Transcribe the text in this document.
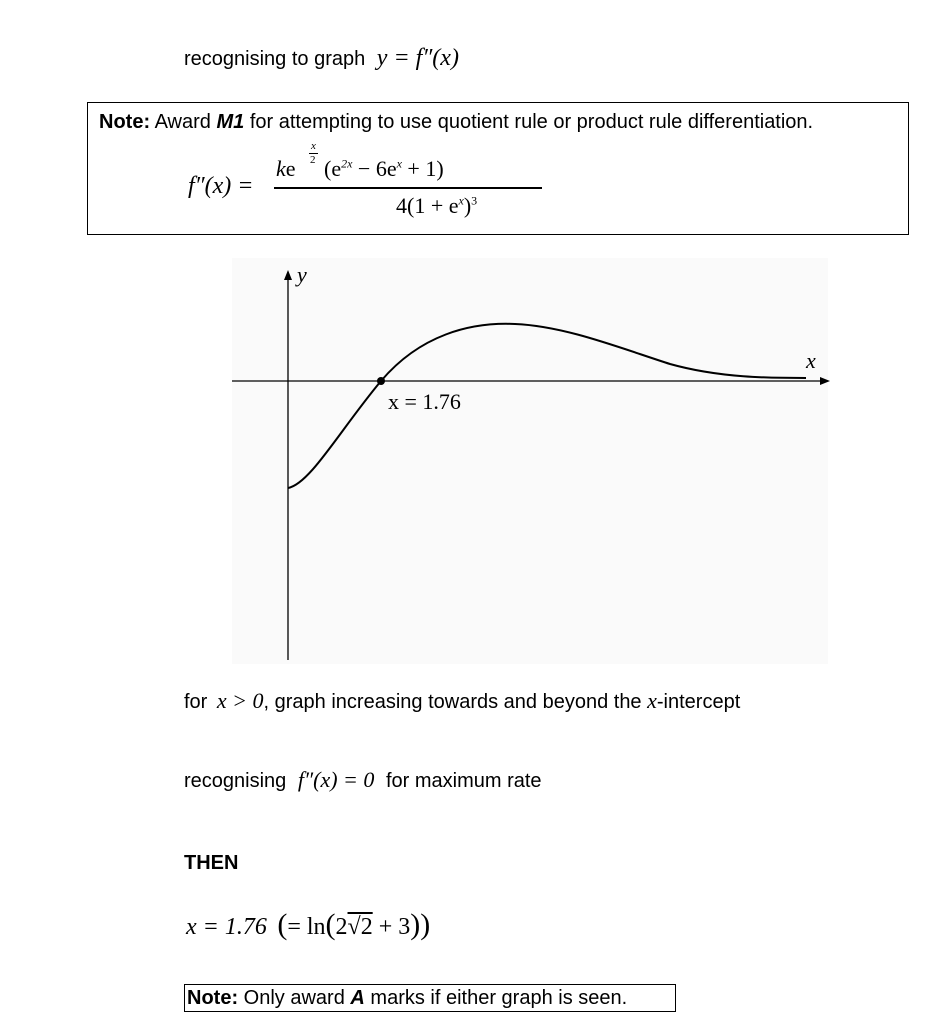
recognising to graph y = f″(x)
Note: Award M1 for attempting to use quotient rule or product rule differentiation.
f″(x) =
ke
x
2 $(e^{2x} - 6e^x + 1)$
$4(1 + e^x)^3$
y
x
x = 1.76
for x > 0, graph increasing towards and beyond the x-intercept
recognising f″(x) = 0 for maximum rate
THEN
x = 1.76 (= ln(2√2 + 3))
Note: Only award A marks if either graph is seen.
